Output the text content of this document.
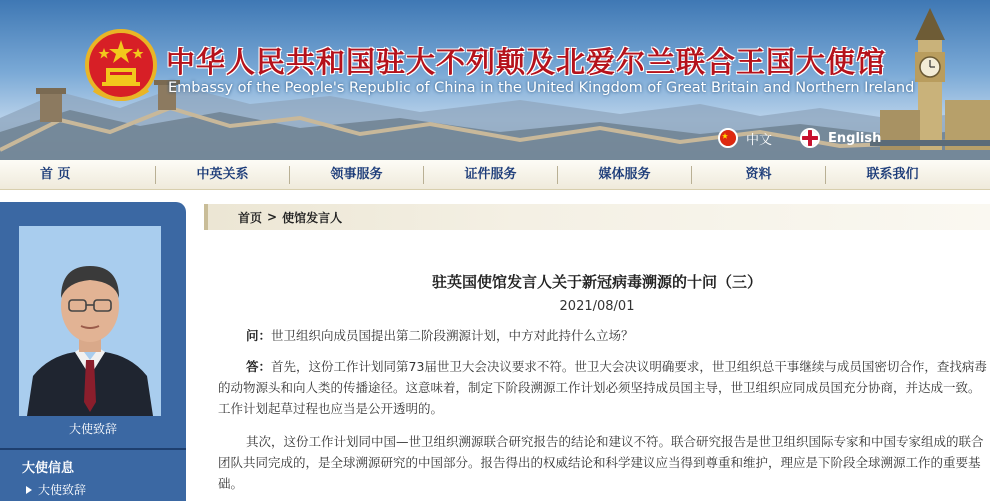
中华人民共和国驻大不列颠及北爱尔兰联合王国大使馆
Embassy of the People's Republic of China in the United Kingdom of Great Britain and Northern Ireland
中文	English
首 页	中英关系	领事服务	证件服务	媒体服务	资料	联系我们
大使致辞
大使信息
大使致辞
首页 > 使馆发言人
驻英国使馆发言人关于新冠病毒溯源的十问（三）
2021/08/01

问：世卫组织向成员国提出第二阶段溯源计划，中方对此持什么立场？

答：首先，这份工作计划同第73届世卫大会决议要求不符。世卫大会决议明确要求，世卫组织总干事继续与成员国密切合作，查找病毒的动物源头和向人类的传播途径。这意味着，制定下阶段溯源工作计划必须坚持成员国主导，世卫组织应同成员国充分协商，并达成一致。工作计划起草过程也应当是公开透明的。

其次，这份工作计划同中国—世卫组织溯源联合研究报告的结论和建议不符。联合研究报告是世卫组织国际专家和中国专家组成的联合团队共同完成的，是全球溯源研究的中国部分。报告得出的权威结论和科学建议应当得到尊重和维护，理应是下阶段全球溯源工作的重要基础。
